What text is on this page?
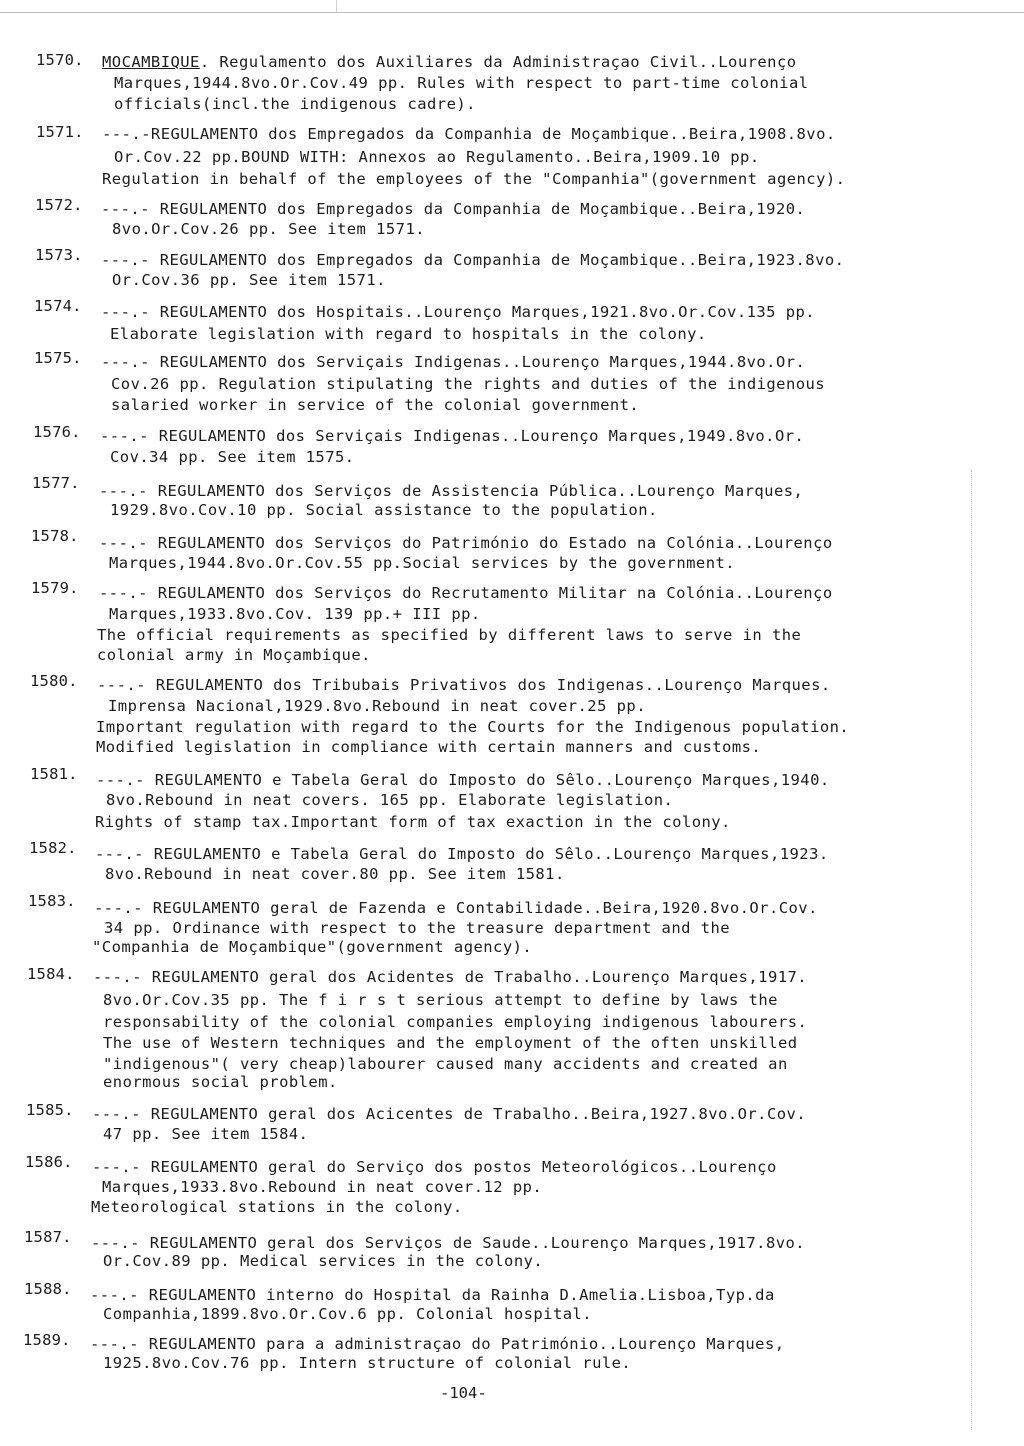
1570. MOCAMBIQUE. Regulamento dos Auxiliares da Administraçao Civil..Lourenço
Marques,1944.8vo.Or.Cov.49 pp. Rules with respect to part-time colonial
officials(incl.the indigenous cadre).
1571. ---.-REGULAMENTO dos Empregados da Companhia de Moçambique..Beira,1908.8vo.
Or.Cov.22 pp.BOUND WITH: Annexos ao Regulamento..Beira,1909.10 pp.
Regulation in behalf of the employees of the "Companhia"(government agency).
1572. ---.- REGULAMENTO dos Empregados da Companhia de Moçambique..Beira,1920.
8vo.Or.Cov.26 pp. See item 1571.
1573. ---.- REGULAMENTO dos Empregados da Companhia de Moçambique..Beira,1923.8vo.
Or.Cov.36 pp. See item 1571.
1574. ---.- REGULAMENTO dos Hospitais..Lourenço Marques,1921.8vo.Or.Cov.135 pp.
Elaborate legislation with regard to hospitals in the colony.
1575. ---.- REGULAMENTO dos Serviçais Indigenas..Lourenço Marques,1944.8vo.Or.
Cov.26 pp. Regulation stipulating the rights and duties of the indigenous
salaried worker in service of the colonial government.
1576. ---.- REGULAMENTO dos Serviçais Indigenas..Lourenço Marques,1949.8vo.Or.
Cov.34 pp. See item 1575.
1577. ---.- REGULAMENTO dos Serviços de Assistencia Pública..Lourenço Marques,
1929.8vo.Cov.10 pp. Social assistance to the population.
1578. ---.- REGULAMENTO dos Serviços do Património do Estado na Colónia..Lourenço
Marques,1944.8vo.Or.Cov.55 pp.Social services by the government.
1579. ---.- REGULAMENTO dos Serviços do Recrutamento Militar na Colónia..Lourenço
Marques,1933.8vo.Cov. 139 pp.+ III pp.
The official requirements as specified by different laws to serve in the
colonial army in Moçambique.
1580. ---.- REGULAMENTO dos Tribubais Privativos dos Indigenas..Lourenço Marques.
Imprensa Nacional,1929.8vo.Rebound in neat cover.25 pp.
Important regulation with regard to the Courts for the Indigenous population.
Modified legislation in compliance with certain manners and customs.
1581. ---.- REGULAMENTO e Tabela Geral do Imposto do Sêlo..Lourenço Marques,1940.
8vo.Rebound in neat covers. 165 pp. Elaborate legislation.
Rights of stamp tax.Important form of tax exaction in the colony.
1582. ---.- REGULAMENTO e Tabela Geral do Imposto do Sêlo..Lourenço Marques,1923.
8vo.Rebound in neat cover.80 pp. See item 1581.
1583. ---.- REGULAMENTO geral de Fazenda e Contabilidade..Beira,1920.8vo.Or.Cov.
34 pp. Ordinance with respect to the treasure department and the
"Companhia de Moçambique"(government agency).
1584. ---.- REGULAMENTO geral dos Acidentes de Trabalho..Lourenço Marques,1917.
8vo.Or.Cov.35 pp. The f i r s t serious attempt to define by laws the
responsability of the colonial companies employing indigenous labourers.
The use of Western techniques and the employment of the often unskilled
"indigenous"( very cheap)labourer caused many accidents and created an
enormous social problem.
1585. ---.- REGULAMENTO geral dos Acicentes de Trabalho..Beira,1927.8vo.Or.Cov.
47 pp. See item 1584.
1586. ---.- REGULAMENTO geral do Serviço dos postos Meteorológicos..Lourenço
Marques,1933.8vo.Rebound in neat cover.12 pp.
Meteorological stations in the colony.
1587. ---.- REGULAMENTO geral dos Serviços de Saude..Lourenço Marques,1917.8vo.
Or.Cov.89 pp. Medical services in the colony.
1588. ---.- REGULAMENTO interno do Hospital da Rainha D.Amelia.Lisboa,Typ.da
Companhia,1899.8vo.Or.Cov.6 pp. Colonial hospital.
1589. ---.- REGULAMENTO para a administraçao do Património..Lourenço Marques,
1925.8vo.Cov.76 pp. Intern structure of colonial rule.
-104-
